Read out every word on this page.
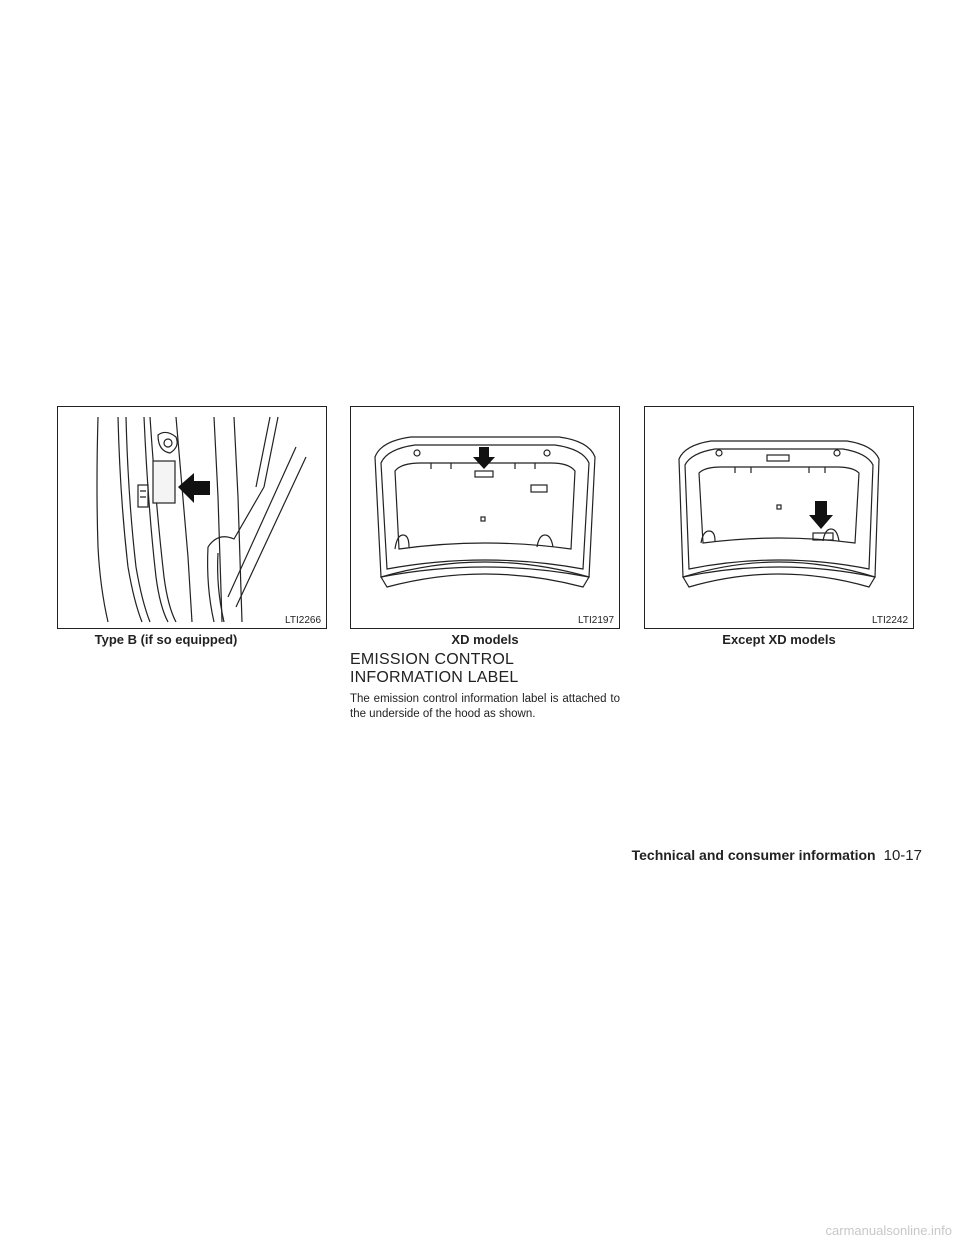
LTI2266	LTI2197	LTI2242
Type B (if so equipped)	XD models	Except XD models
EMISSION CONTROL
INFORMATION LABEL
The emission control information label is attached to the underside of the hood as shown.
Technical and consumer information 10-17
carmanualsonline.info
